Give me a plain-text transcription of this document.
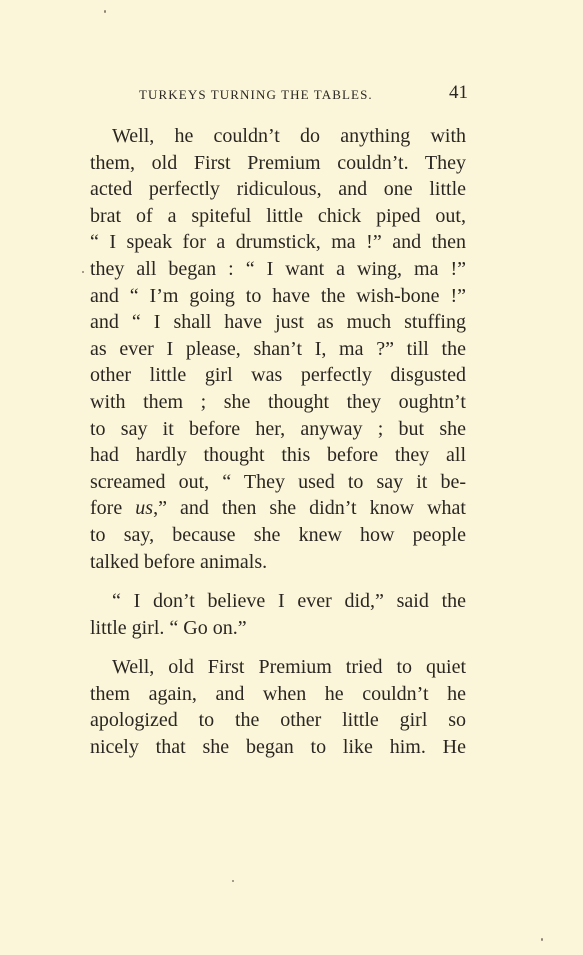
TURKEYS TURNING THE TABLES.	41

Well, he couldn’t do anything with
them, old First Premium couldn’t. They
acted perfectly ridiculous, and one little
brat of a spiteful little chick piped out,
“ I speak for a drumstick, ma !” and then
they all began : “ I want a wing, ma !”
and “ I’m going to have the wish-bone !”
and “ I shall have just as much stuffing
as ever I please, shan’t I, ma ?” till the
other little girl was perfectly disgusted
with them ; she thought they oughtn’t
to say it before her, anyway ; but she
had hardly thought this before they all
screamed out, “ They used to say it be-
fore us,” and then she didn’t know what
to say, because she knew how people
talked before animals.

“ I don’t believe I ever did,” said the
little girl. “ Go on.”

Well, old First Premium tried to quiet
them again, and when he couldn’t he
apologized to the other little girl so
nicely that she began to like him. He
